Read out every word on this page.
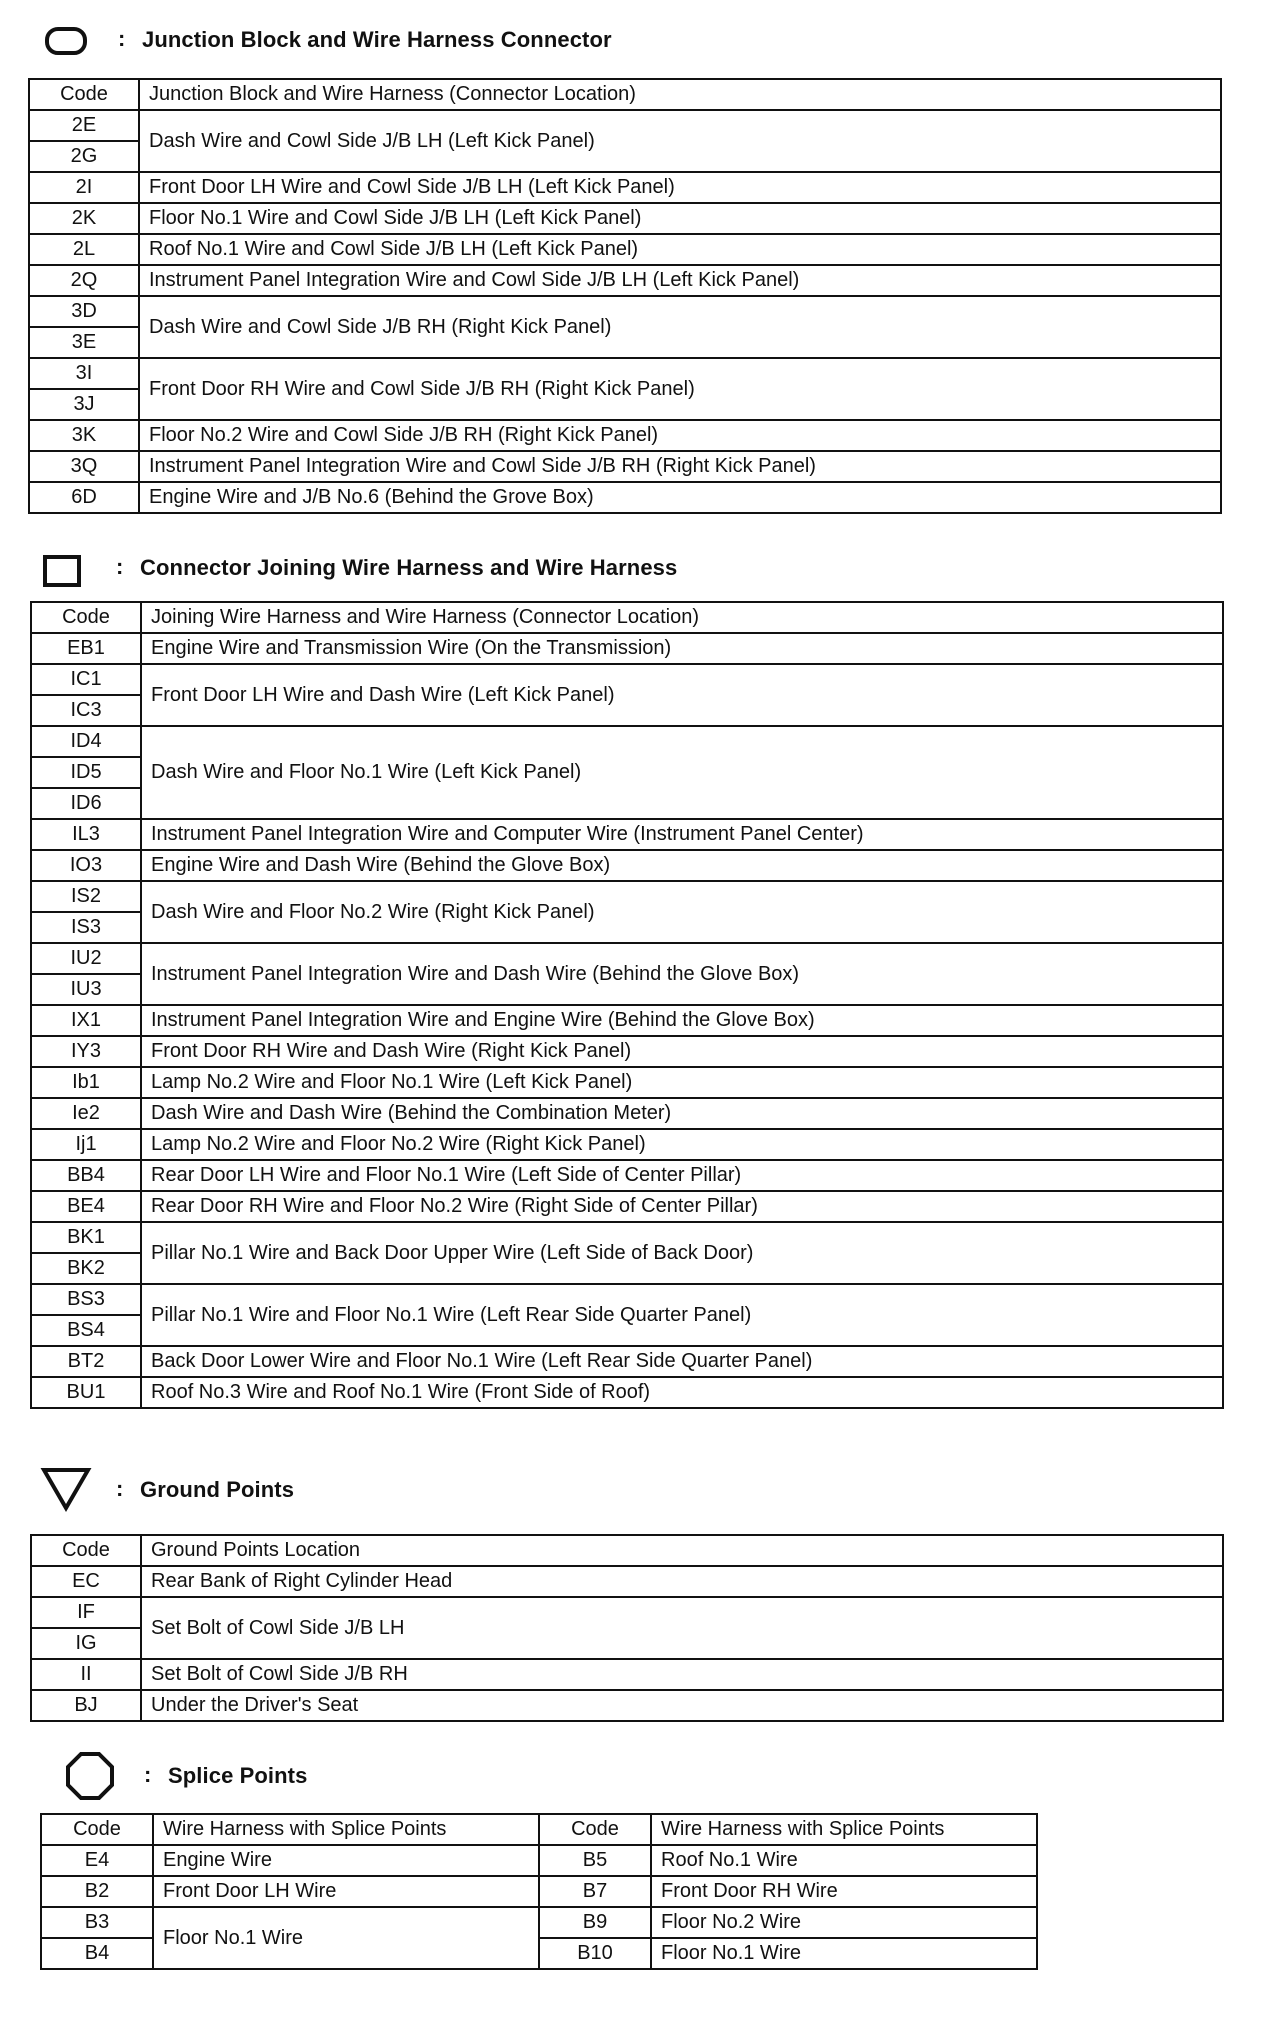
: Junction Block and Wire Harness Connector
Code	Junction Block and Wire Harness (Connector Location)
2E	Dash Wire and Cowl Side J/B LH (Left Kick Panel)
2G	
2I	Front Door LH Wire and Cowl Side J/B LH (Left Kick Panel)
2K	Floor No.1 Wire and Cowl Side J/B LH (Left Kick Panel)
2L	Roof No.1 Wire and Cowl Side J/B LH (Left Kick Panel)
2Q	Instrument Panel Integration Wire and Cowl Side J/B LH (Left Kick Panel)
3D	Dash Wire and Cowl Side J/B RH (Right Kick Panel)
3E	
3I	Front Door RH Wire and Cowl Side J/B RH (Right Kick Panel)
3J	
3K	Floor No.2 Wire and Cowl Side J/B RH (Right Kick Panel)
3Q	Instrument Panel Integration Wire and Cowl Side J/B RH (Right Kick Panel)
6D	Engine Wire and J/B No.6 (Behind the Grove Box)
: Connector Joining Wire Harness and Wire Harness
Code	Joining Wire Harness and Wire Harness (Connector Location)
EB1	Engine Wire and Transmission Wire (On the Transmission)
IC1	Front Door LH Wire and Dash Wire (Left Kick Panel)
IC3	
ID4	Dash Wire and Floor No.1 Wire (Left Kick Panel)
ID5	
ID6	
IL3	Instrument Panel Integration Wire and Computer Wire (Instrument Panel Center)
IO3	Engine Wire and Dash Wire (Behind the Glove Box)
IS2	Dash Wire and Floor No.2 Wire (Right Kick Panel)
IS3	
IU2	Instrument Panel Integration Wire and Dash Wire (Behind the Glove Box)
IU3	
IX1	Instrument Panel Integration Wire and Engine Wire (Behind the Glove Box)
IY3	Front Door RH Wire and Dash Wire (Right Kick Panel)
Ib1	Lamp No.2 Wire and Floor No.1 Wire (Left Kick Panel)
Ie2	Dash Wire and Dash Wire (Behind the Combination Meter)
Ij1	Lamp No.2 Wire and Floor No.2 Wire (Right Kick Panel)
BB4	Rear Door LH Wire and Floor No.1 Wire (Left Side of Center Pillar)
BE4	Rear Door RH Wire and Floor No.2 Wire (Right Side of Center Pillar)
BK1	Pillar No.1 Wire and Back Door Upper Wire (Left Side of Back Door)
BK2	
BS3	Pillar No.1 Wire and Floor No.1 Wire (Left Rear Side Quarter Panel)
BS4	
BT2	Back Door Lower Wire and Floor No.1 Wire (Left Rear Side Quarter Panel)
BU1	Roof No.3 Wire and Roof No.1 Wire (Front Side of Roof)
: Ground Points
Code	Ground Points Location
EC	Rear Bank of Right Cylinder Head
IF	Set Bolt of Cowl Side J/B LH
IG	
II	Set Bolt of Cowl Side J/B RH
BJ	Under the Driver's Seat
: Splice Points
Code	Wire Harness with Splice Points
E4	Engine Wire
B2	Front Door LH Wire
B3	Floor No.1 Wire
B4	
Code	Wire Harness with Splice Points
B5	Roof No.1 Wire
B7	Front Door RH Wire
B9	Floor No.2 Wire
B10	Floor No.1 Wire
